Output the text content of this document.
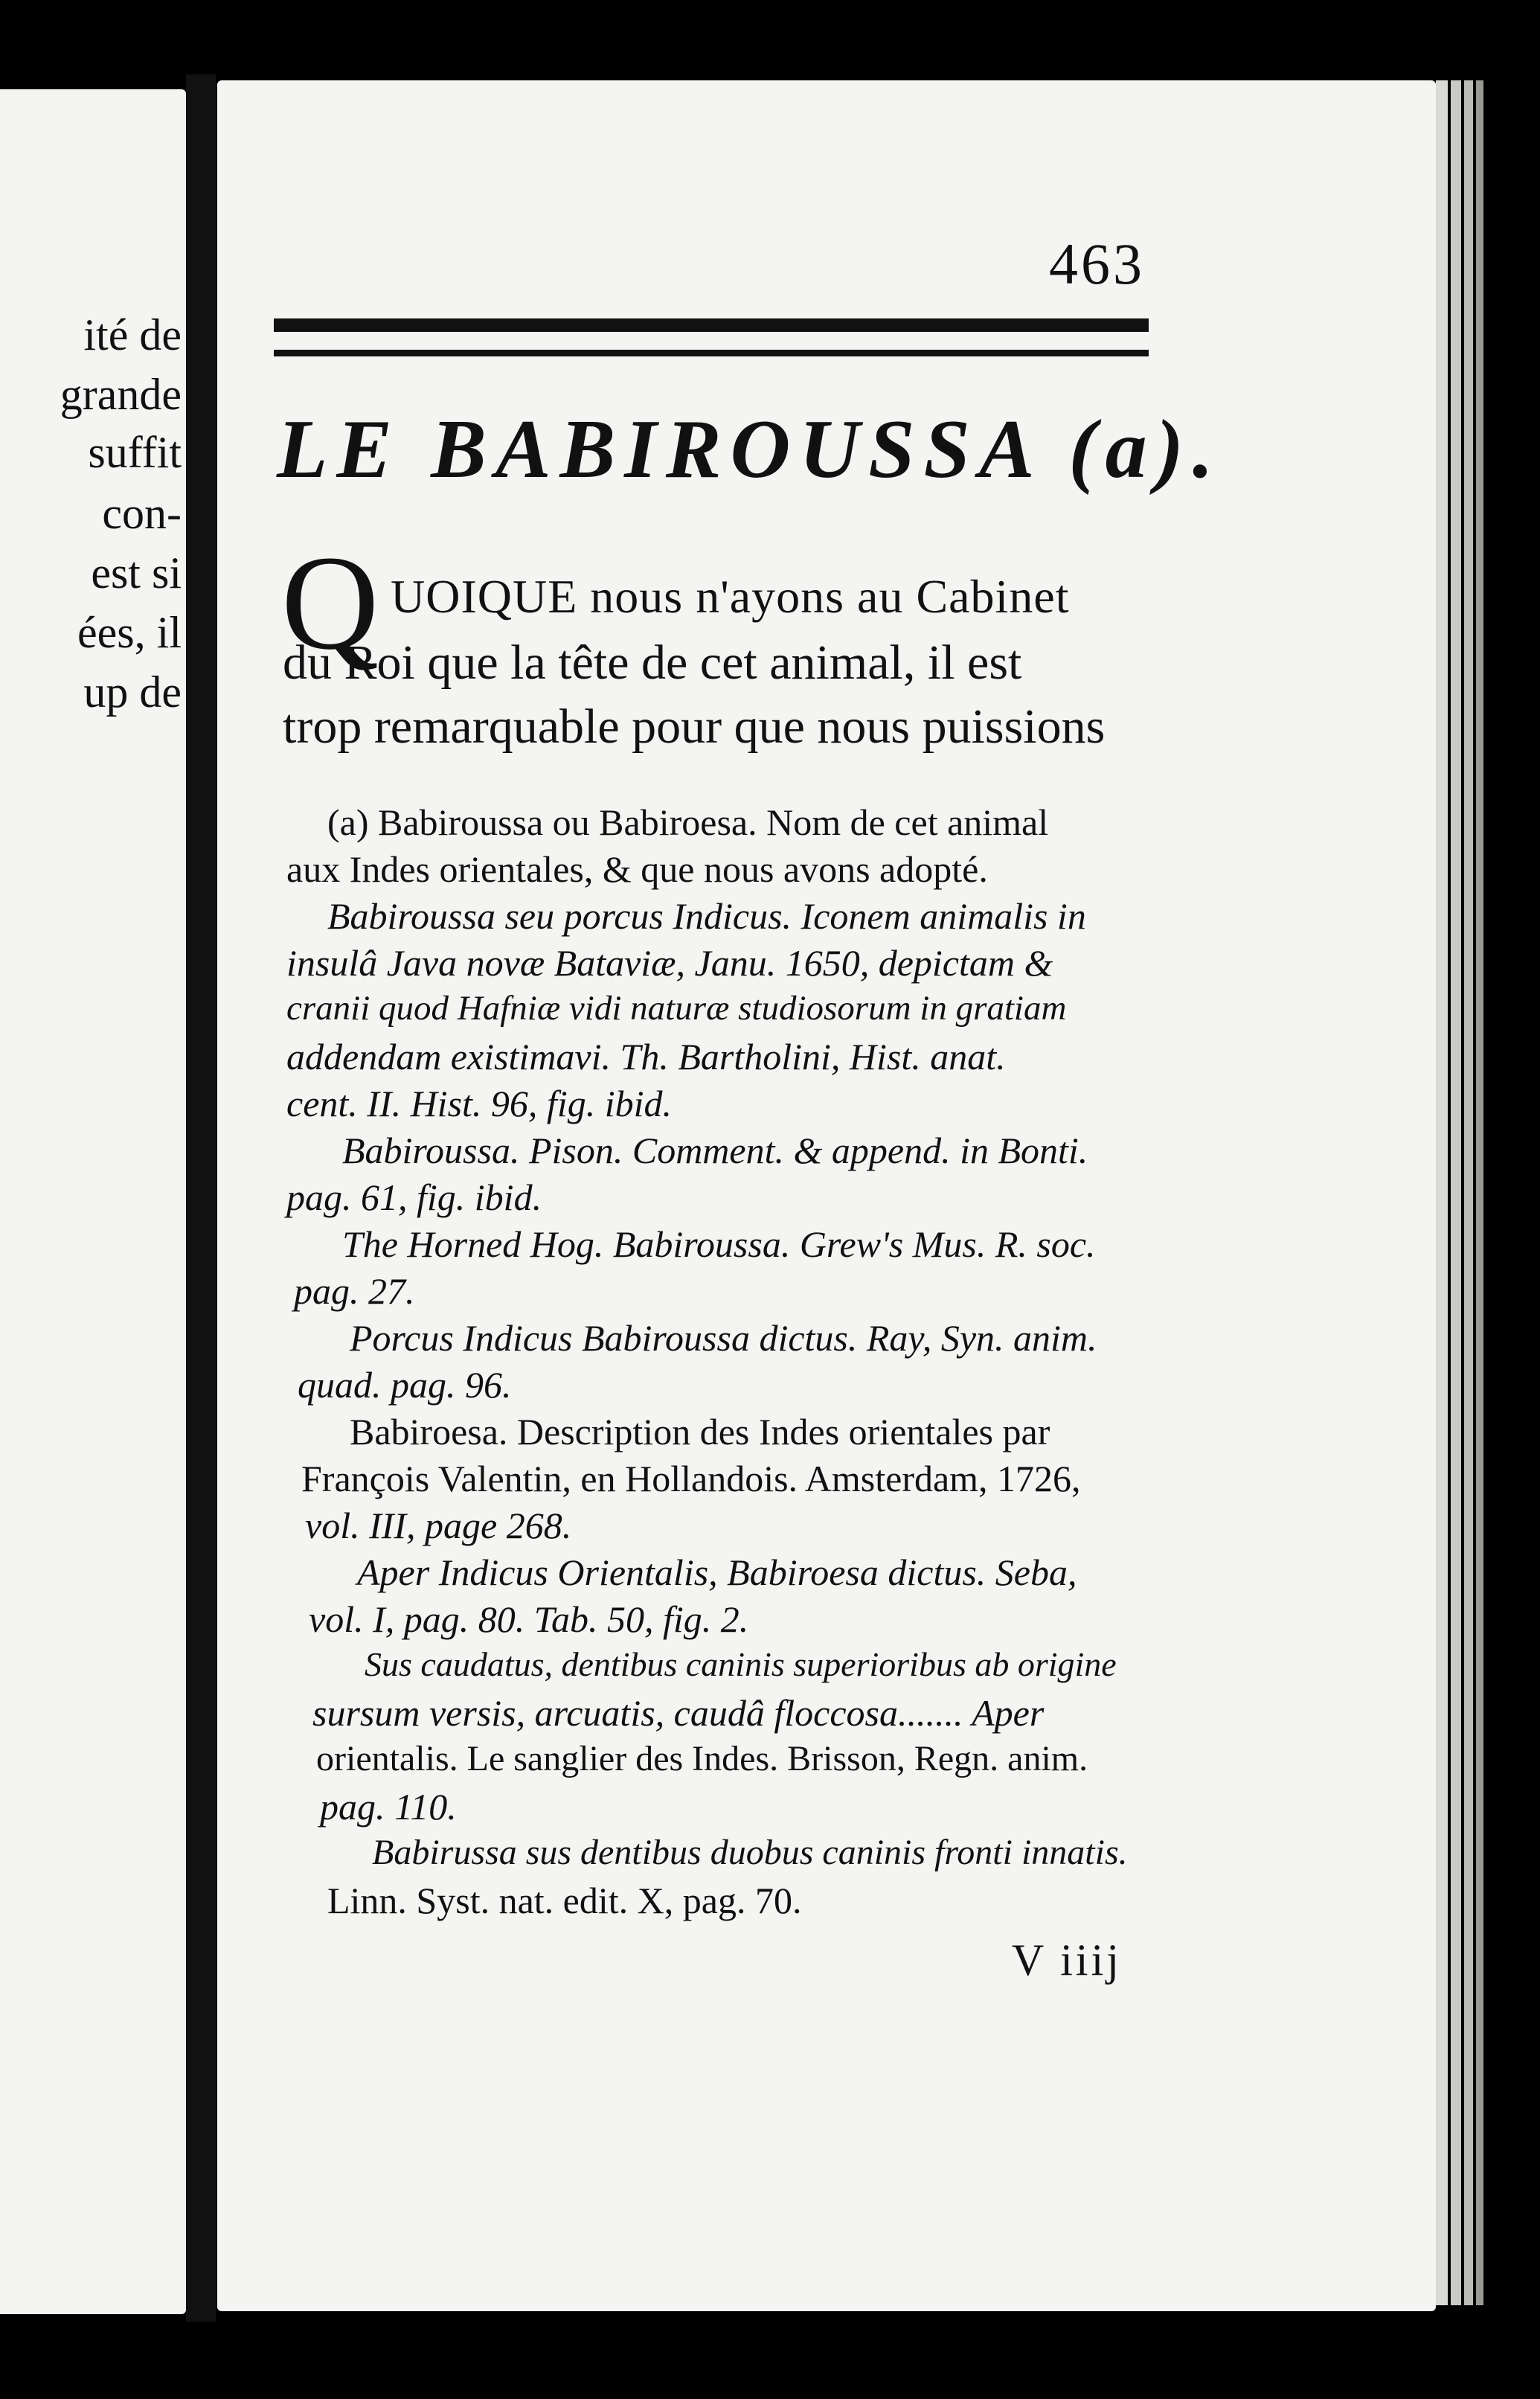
ité de
grande
suffit
con-
est si
ées, il
up de
463
LE BABIROUSSA (a).
Q UOIQUE nous n'ayons au Cabinet
du Roi que la tête de cet animal, il est
trop remarquable pour que nous puissions
(a) Babiroussa ou Babiroesa. Nom de cet animal
aux Indes orientales, & que nous avons adopté.
Babiroussa seu porcus Indicus. Iconem animalis in
insulâ Java novæ Bataviæ, Janu. 1650, depictam &
cranii quod Hafniæ vidi naturæ studiosorum in gratiam
addendam existimavi. Th. Bartholini, Hist. anat.
cent. II. Hist. 96, fig. ibid.
Babiroussa. Pison. Comment. & append. in Bonti.
pag. 61, fig. ibid.
The Horned Hog. Babiroussa. Grew's Mus. R. soc.
pag. 27.
Porcus Indicus Babiroussa dictus. Ray, Syn. anim.
quad. pag. 96.
Babiroesa. Description des Indes orientales par
François Valentin, en Hollandois. Amsterdam, 1726,
vol. III, page 268.
Aper Indicus Orientalis, Babiroesa dictus. Seba,
vol. I, pag. 80. Tab. 50, fig. 2.
Sus caudatus, dentibus caninis superioribus ab origine
sursum versis, arcuatis, caudâ floccosa....... Aper
orientalis. Le sanglier des Indes. Brisson, Regn. anim.
pag. 110.
Babirussa sus dentibus duobus caninis fronti innatis.
Linn. Syst. nat. edit. X, pag. 70.
V iiij
